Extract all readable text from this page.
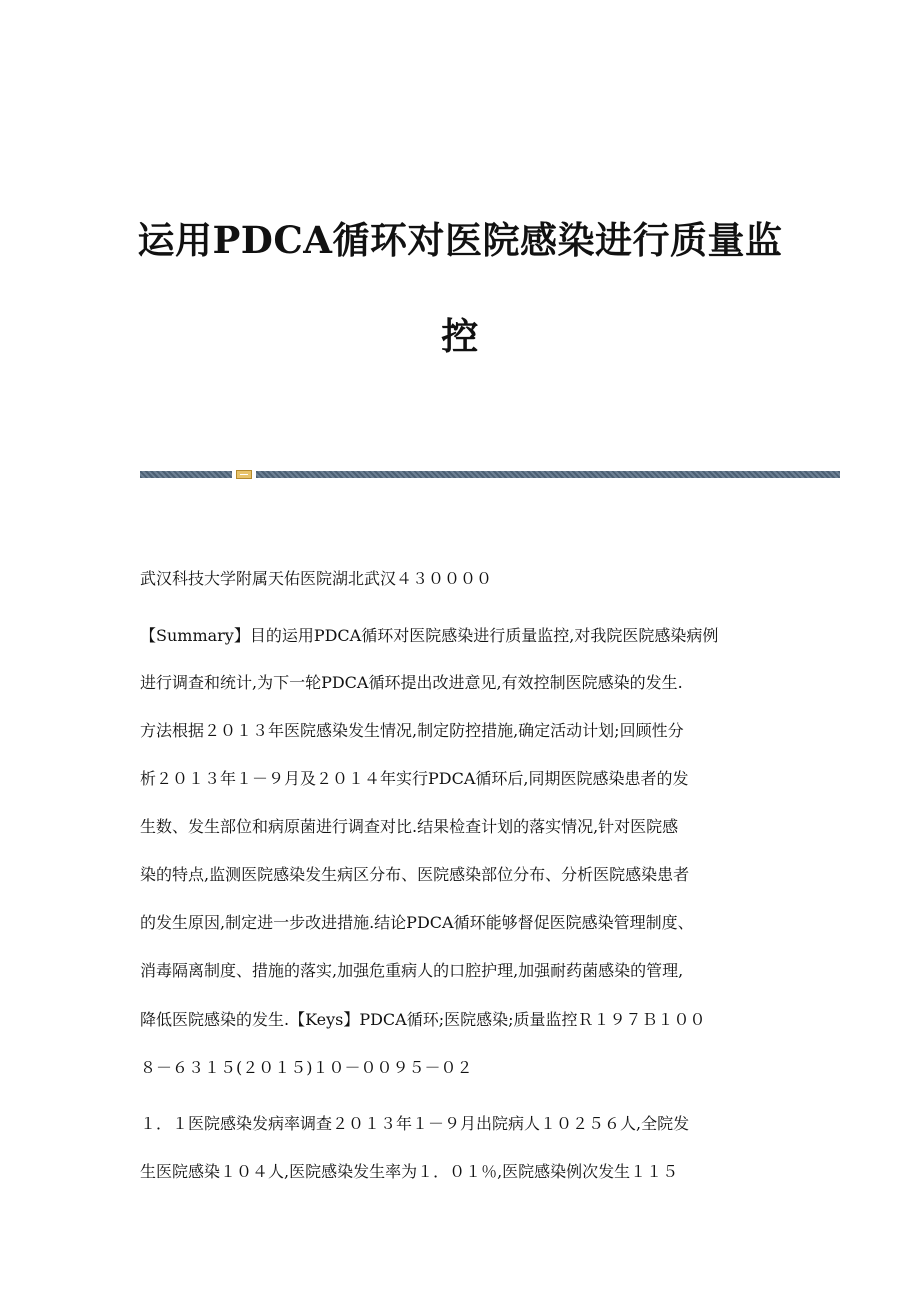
运用PDCA循环对医院感染进行质量监
控
武汉科技大学附属天佑医院湖北武汉４３００００
【Summary】目的运用PDCA循环对医院感染进行质量监控,对我院医院感染病例
进行调查和统计,为下一轮PDCA循环提出改进意见,有效控制医院感染的发生.
方法根据２０１３年医院感染发生情况,制定防控措施,确定活动计划;回顾性分
析２０１３年１－９月及２０１４年实行PDCA循环后,同期医院感染患者的发
生数、发生部位和病原菌进行调查对比.结果检查计划的落实情况,针对医院感
染的特点,监测医院感染发生病区分布、医院感染部位分布、分析医院感染患者
的发生原因,制定进一步改进措施.结论PDCA循环能够督促医院感染管理制度、
消毒隔离制度、措施的落实,加强危重病人的口腔护理,加强耐药菌感染的管理,
降低医院感染的发生.【Keys】PDCA循环;医院感染;质量监控Ｒ１９７Ｂ１００
８－６３１５(２０１５)１０－００９５－０２
１．１医院感染发病率调查２０１３年１－９月出院病人１０２５６人,全院发
生医院感染１０４人,医院感染发生率为１．０１％,医院感染例次发生１１５
